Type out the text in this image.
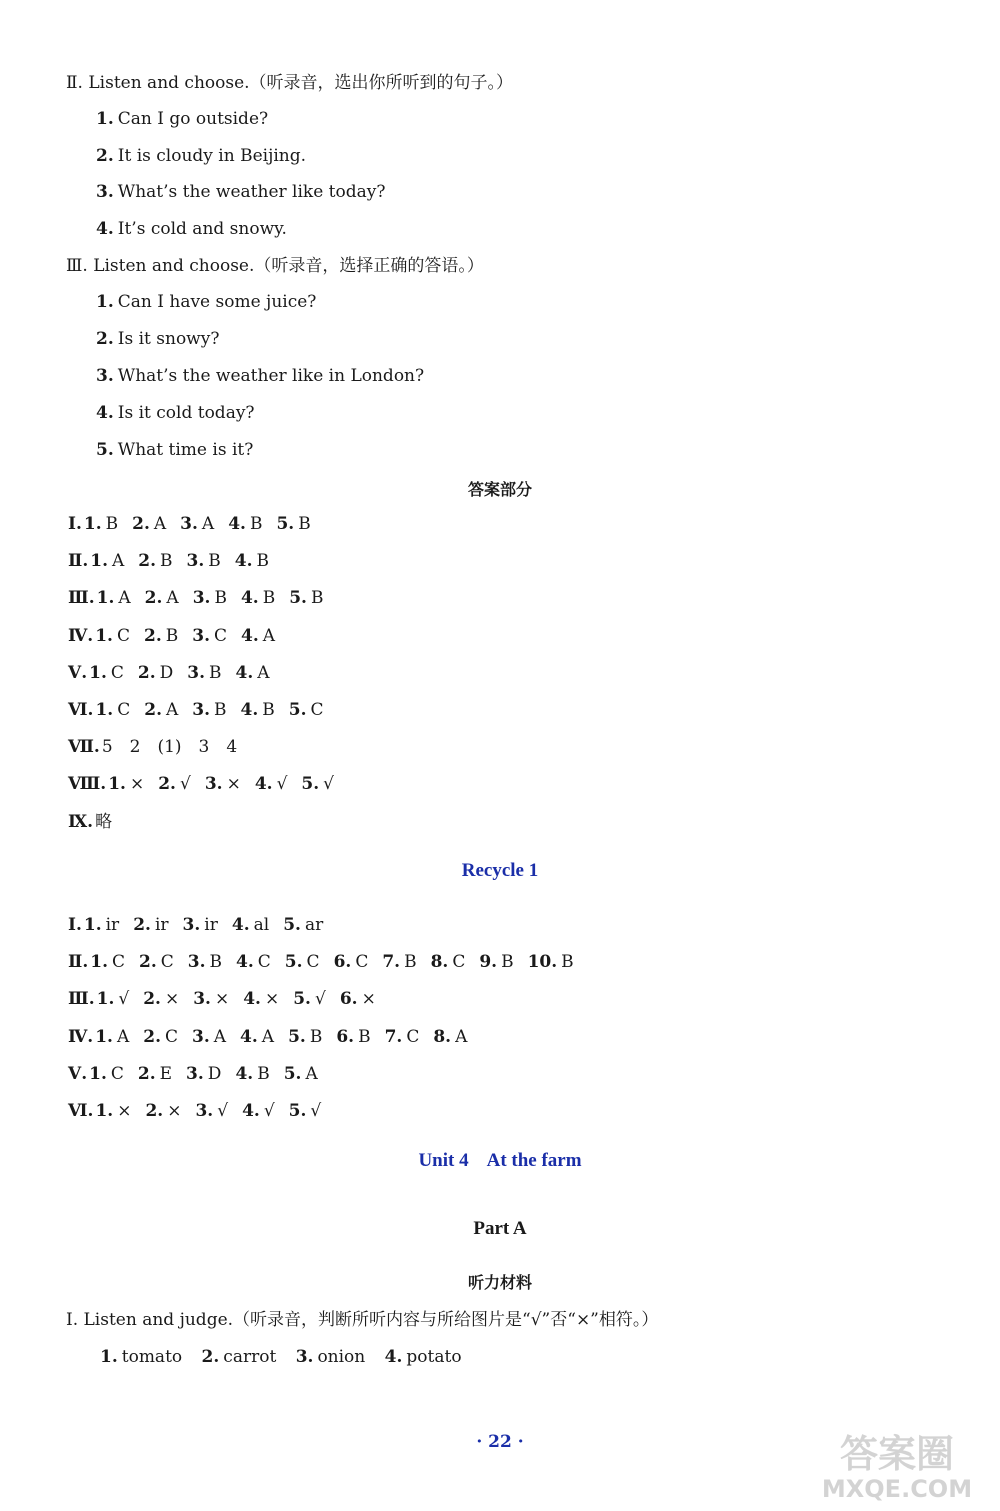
Ⅱ. Listen and choose.（听录音，选出你所听到的句子。）
1. Can I go outside?
2. It is cloudy in Beijing.
3. What’s the weather like today?
4. It’s cold and snowy.
Ⅲ. Listen and choose.（听录音，选择正确的答语。）
1. Can I have some juice?
2. Is it snowy?
3. What’s the weather like in London?
4. Is it cold today?
5. What time is it?
答案部分
Ⅰ. 1. B 2. A 3. A 4. B 5. B
Ⅱ. 1. A 2. B 3. B 4. B
Ⅲ. 1. A 2. A 3. B 4. B 5. B
Ⅳ. 1. C 2. B 3. C 4. A
Ⅴ. 1. C 2. D 3. B 4. A
Ⅵ. 1. C 2. A 3. B 4. B 5. C
Ⅶ. 5　2　(1)　3　4
Ⅷ. 1. × 2. √ 3. × 4. √ 5. √
Ⅸ. 略
Recycle 1
Ⅰ. 1. ir 2. ir 3. ir 4. al 5. ar
Ⅱ. 1. C 2. C 3. B 4. C 5. C 6. C 7. B 8. C 9. B 10. B
Ⅲ. 1. √ 2. × 3. × 4. × 5. √ 6. ×
Ⅳ. 1. A 2. C 3. A 4. A 5. B 6. B 7. C 8. A
Ⅴ. 1. C 2. E 3. D 4. B 5. A
Ⅵ. 1. × 2. × 3. √ 4. √ 5. √
Unit 4 At the farm
Part A
听力材料
Ⅰ. Listen and judge.（听录音，判断所听内容与所给图片是“√”否“×”相符。）
1. tomato 2. carrot 3. onion 4. potato
· 22 ·	答案圈
MXQE.COM
